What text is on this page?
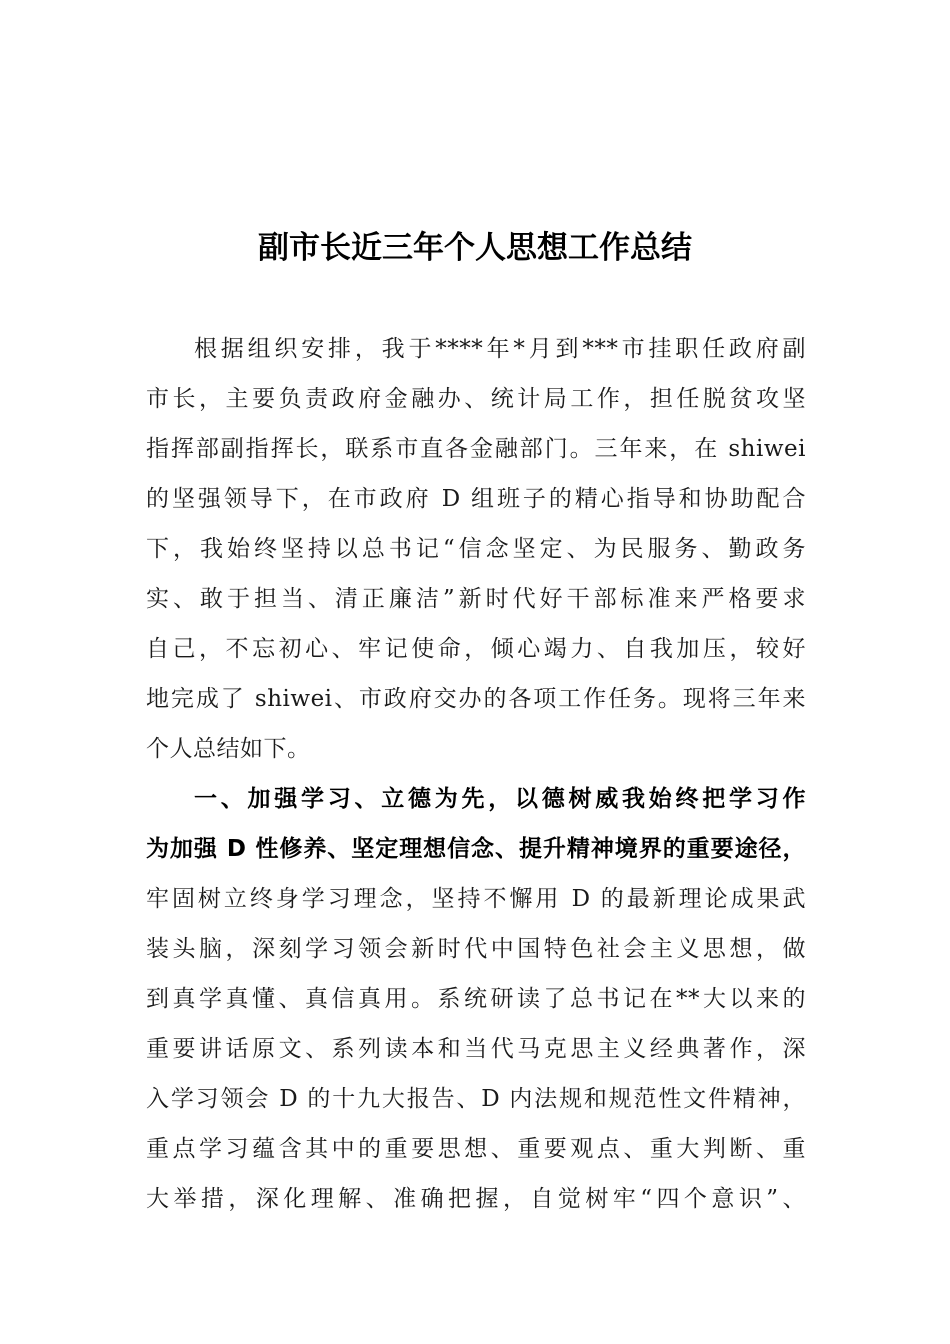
副市长近三年个人思想工作总结
根据组织安排，我于****年*月到***市挂职任政府副
市长，主要负责政府金融办、统计局工作，担任脱贫攻坚
指挥部副指挥长，联系市直各金融部门。三年来，在 shiwei
的坚强领导下，在市政府 D 组班子的精心指导和协助配合
下，我始终坚持以总书记“信念坚定、为民服务、勤政务
实、敢于担当、清正廉洁”新时代好干部标准来严格要求
自己，不忘初心、牢记使命，倾心竭力、自我加压，较好
地完成了 shiwei、市政府交办的各项工作任务。现将三年来
个人总结如下。
一、加强学习、立德为先，以德树威我始终把学习作
为加强 D 性修养、坚定理想信念、提升精神境界的重要途径，
牢固树立终身学习理念，坚持不懈用 D 的最新理论成果武
装头脑，深刻学习领会新时代中国特色社会主义思想，做
到真学真懂、真信真用。系统研读了总书记在**大以来的
重要讲话原文、系列读本和当代马克思主义经典著作，深
入学习领会 D 的十九大报告、D 内法规和规范性文件精神，
重点学习蕴含其中的重要思想、重要观点、重大判断、重
大举措，深化理解、准确把握，自觉树牢“四个意识”、
